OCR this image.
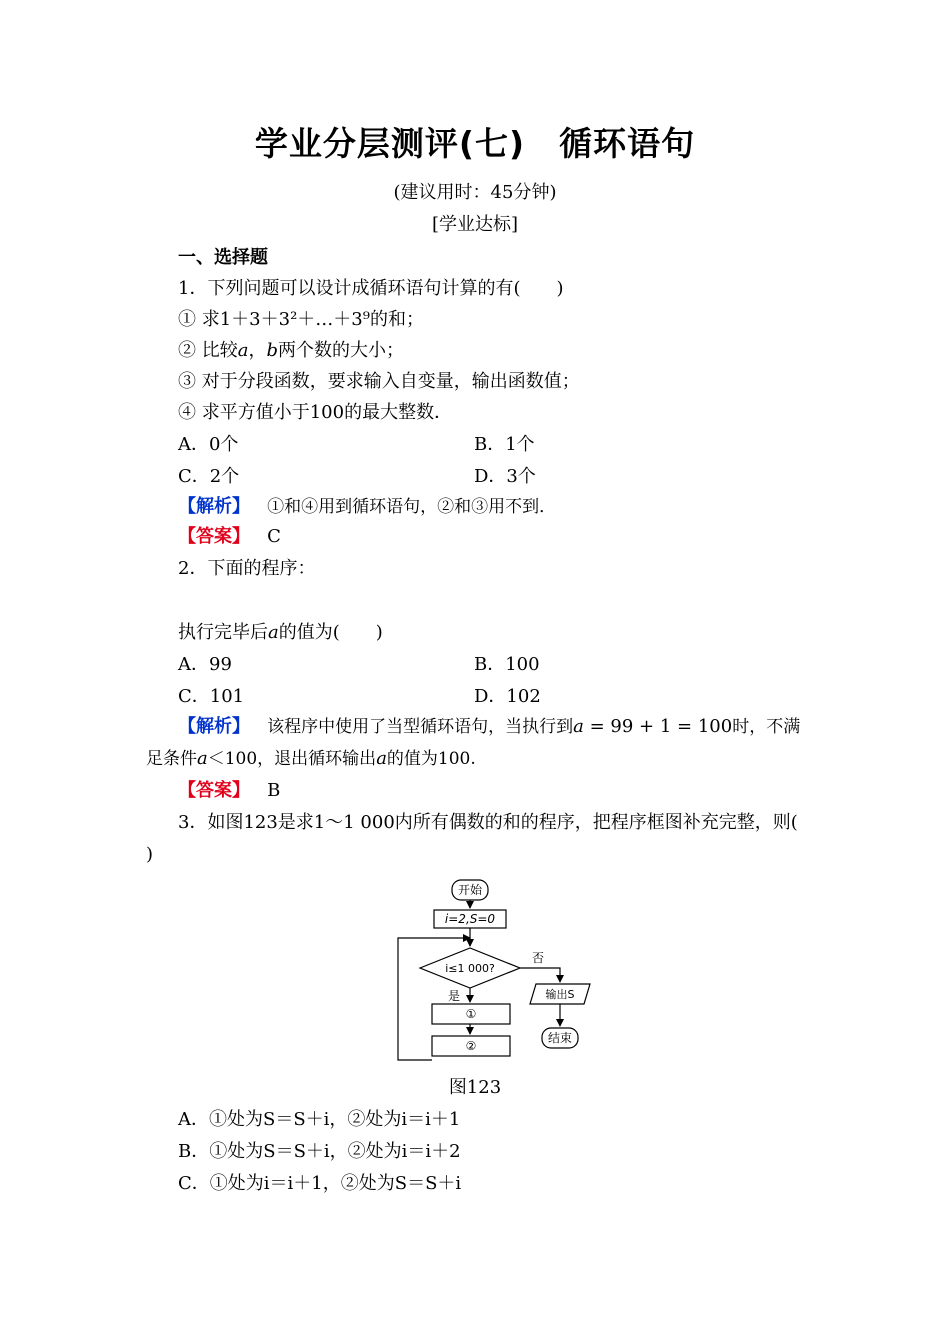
学业分层测评(七)　循环语句
(建议用时：45分钟)
[学业达标]
一、选择题
1．下列问题可以设计成循环语句计算的有(　　)
① 求1＋3＋3²＋…＋3⁹的和；
② 比较a，b两个数的大小；
③ 对于分段函数，要求输入自变量，输出函数值；
④ 求平方值小于100的最大整数．
A．0个	B．1个
C．2个	D．3个
【解析】 ①和④用到循环语句，②和③用不到．
【答案】 C
2．下面的程序：
执行完毕后a的值为(　　)
A．99	B．100
C．101	D．102
【解析】 该程序中使用了当型循环语句，当执行到a = 99 + 1 = 100时，不满
足条件a＜100，退出循环输出a的值为100.
【答案】 B
3．如图123是求1～1 000内所有偶数的和的程序，把程序框图补充完整，则(
)
开始
i=2,S=0
i≤1 000?
否
是
①
②
输出S
结束
图123
A．①处为S＝S＋i，②处为i＝i＋1
B．①处为S＝S＋i，②处为i＝i＋2
C．①处为i＝i＋1，②处为S＝S＋i
